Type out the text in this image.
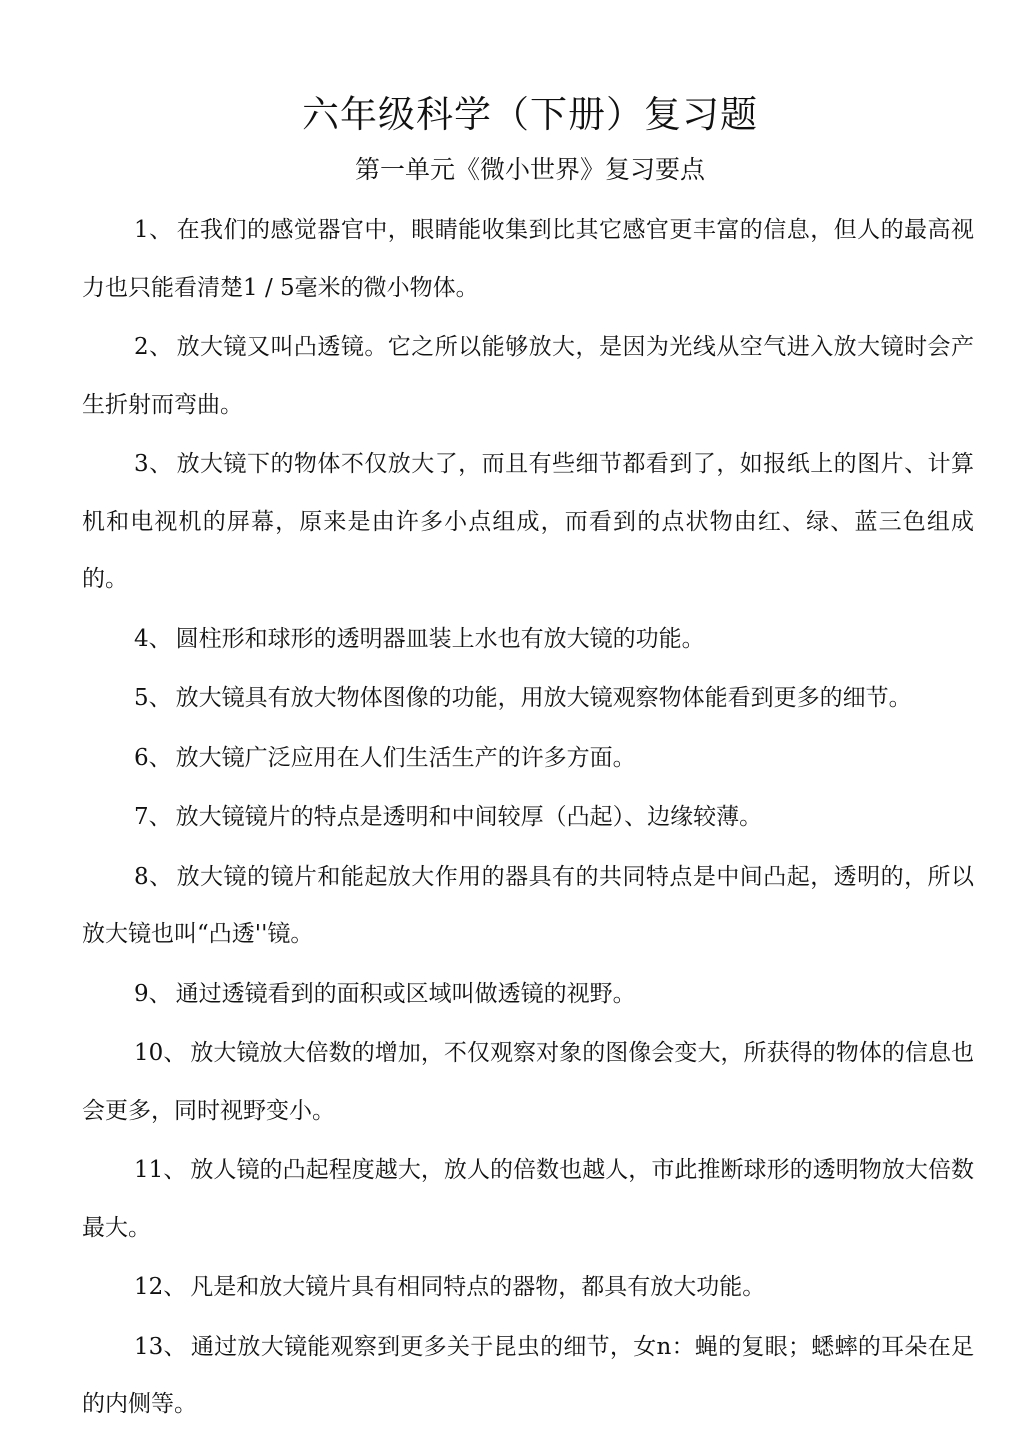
六年级科学（下册）复习题
第一单元《微小世界》复习要点

1、 在我们的感觉器官中，眼睛能收集到比其它感官更丰富的信息，但人的最高视力也只能看清楚1 / 5毫米的微小物体。

2、 放大镜又叫凸透镜。它之所以能够放大，是因为光线从空气进入放大镜时会产生折射而弯曲。

3、 放大镜下的物体不仅放大了，而且有些细节都看到了，如报纸上的图片、计算机和电视机的屏幕，原来是由许多小点组成，而看到的点状物由红、绿、蓝三色组成的。

4、 圆柱形和球形的透明器皿装上水也有放大镜的功能。

5、 放大镜具有放大物体图像的功能，用放大镜观察物体能看到更多的细节。

6、 放大镜广泛应用在人们生活生产的许多方面。

7、 放大镜镜片的特点是透明和中间较厚（凸起）、边缘较薄。

8、 放大镜的镜片和能起放大作用的器具有的共同特点是中间凸起，透明的，所以放大镜也叫“凸透''镜。

9、 通过透镜看到的面积或区域叫做透镜的视野。

10、 放大镜放大倍数的增加，不仅观察对象的图像会变大，所获得的物体的信息也会更多，同时视野变小。

11、 放人镜的凸起程度越大，放人的倍数也越人，市此推断球形的透明物放大倍数最大。

12、 凡是和放大镜片具有相同特点的器物，都具有放大功能。

13、 通过放大镜能观察到更多关于昆虫的细节，女n：蝇的复眼；蟋蟀的耳朵在足的内侧等。
